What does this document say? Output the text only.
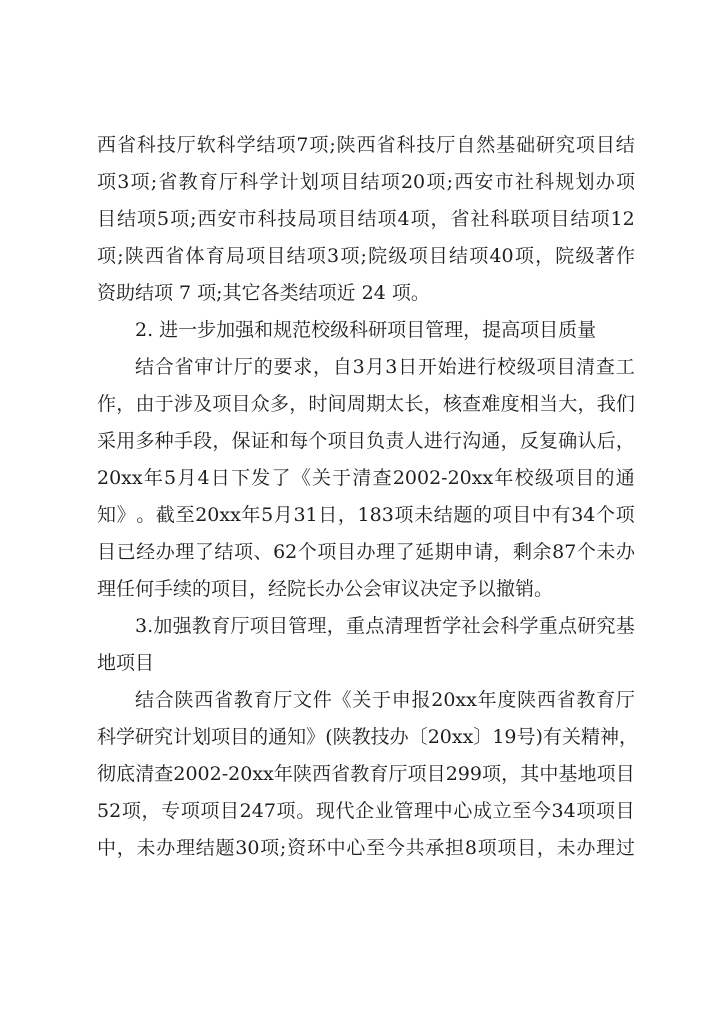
西 省 科 技 厅 软 科 学 结 项 7 项 ; 陕 西 省 科 技 厅 自 然 基 础 研 究 项 目 结
项 3 项 ; 省 教 育 厅 科 学 计 划 项 目 结 项 20 项 ; 西 安 市 社 科 规 划 办 项
目 结 项 5 项 ; 西 安 市 科 技 局 项 目 结 项 4 项 ， 省 社 科 联 项 目 结 项 12
项 ; 陕 西 省 体 育 局 项 目 结 项 3 项 ; 院 级 项 目 结 项 40 项 ， 院 级 著 作
资助结项 7 项;其它各类结项近 24 项。
2. 进一步加强和规范校级科研项目管理，提高项目质量
结 合 省 审 计 厅 的 要 求 ， 自 3 月 3 日 开 始 进 行 校 级 项 目 清 查 工
作 ， 由 于 涉 及 项 目 众 多 ， 时 间 周 期 太 长 ， 核 查 难 度 相 当 大 ， 我 们
采 用 多 种 手 段 ， 保 证 和 每 个 项 目 负 责 人 进 行 沟 通 ， 反 复 确 认 后 ，
20xx 年 5 月 4 日 下 发 了 《 关 于 清 查 2002-20xx 年 校 级 项 目 的 通
知 》 。 截 至 20xx 年 5 月 31 日 ， 183 项 未 结 题 的 项 目 中 有 34 个 项
目 已 经 办 理 了 结 项 、 62 个 项 目 办 理 了 延 期 申 请 ， 剩 余 87 个 未 办
理任何手续的项目，经院长办公会审议决定予以撤销。
3. 加 强 教 育 厅 项 目 管 理 ， 重 点 清 理 哲 学 社 会 科 学 重 点 研 究 基
地项目
结 合 陕 西 省 教 育 厅 文 件 《 关 于 申 报 20xx 年 度 陕 西 省 教 育 厅
科 学 研 究 计 划 项 目 的 通 知 》 ( 陕 教 技 办 〔 20xx 〕 19 号 ) 有 关 精 神 ，
彻 底 清 查 2002-20xx 年 陕 西 省 教 育 厅 项 目 299 项 ， 其 中 基 地 项 目
52 项 ， 专 项 项 目 247 项 。 现 代 企 业 管 理 中 心 成 立 至 今 34 项 项 目
中 ， 未 办 理 结 题 30 项 ; 资 环 中 心 至 今 共 承 担 8 项 项 目 ， 未 办 理 过
